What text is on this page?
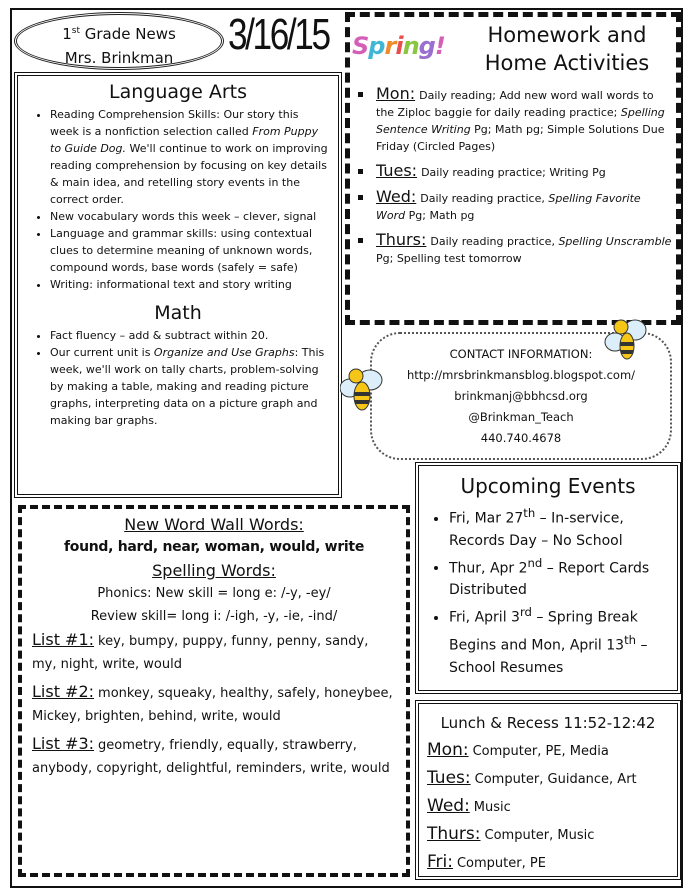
1st Grade News
Mrs. Brinkman	3/16/15 Spring!	Homework and
Home Activities
Mon: Daily reading; Add new word wall words to the Ziploc baggie for daily reading practice; Spelling Sentence Writing Pg; Math pg; Simple Solutions Due Friday (Circled Pages)
Tues: Daily reading practice; Writing Pg
Wed: Daily reading practice, Spelling Favorite Word Pg; Math pg
Thurs: Daily reading practice, Spelling Unscramble Pg; Spelling test tomorrow
Language Arts
• Reading Comprehension Skills: Our story this week is a nonfiction selection called From Puppy to Guide Dog. We'll continue to work on improving reading comprehension by focusing on key details & main idea, and retelling story events in the correct order.
• New vocabulary words this week – clever, signal
• Language and grammar skills: using contextual clues to determine meaning of unknown words, compound words, base words (safely = safe)
• Writing: informational text and story writing
Math
• Fact fluency – add & subtract within 20.
• Our current unit is Organize and Use Graphs: This week, we'll work on tally charts, problem-solving by making a table, making and reading picture graphs, interpreting data on a picture graph and making bar graphs.
CONTACT INFORMATION:
http://mrsbrinkmansblog.blogspot.com/
brinkmanj@bbhcsd.org
@Brinkman_Teach
440.740.4678
New Word Wall Words:
found, hard, near, woman, would, write
Spelling Words:
Phonics: New skill = long e: /-y, -ey/
Review skill= long i: /-igh, -y, -ie, -ind/
List #1: key, bumpy, puppy, funny, penny, sandy, my, night, write, would
List #2: monkey, squeaky, healthy, safely, honeybee, Mickey, brighten, behind, write, would
List #3: geometry, friendly, equally, strawberry, anybody, copyright, delightful, reminders, write, would
Upcoming Events
• Fri, Mar 27th – In-service, Records Day – No School
• Thur, Apr 2nd – Report Cards Distributed
• Fri, April 3rd – Spring Break Begins and Mon, April 13th – School Resumes
Lunch & Recess 11:52-12:42
Mon: Computer, PE, Media
Tues: Computer, Guidance, Art
Wed: Music
Thurs: Computer, Music
Fri: Computer, PE
